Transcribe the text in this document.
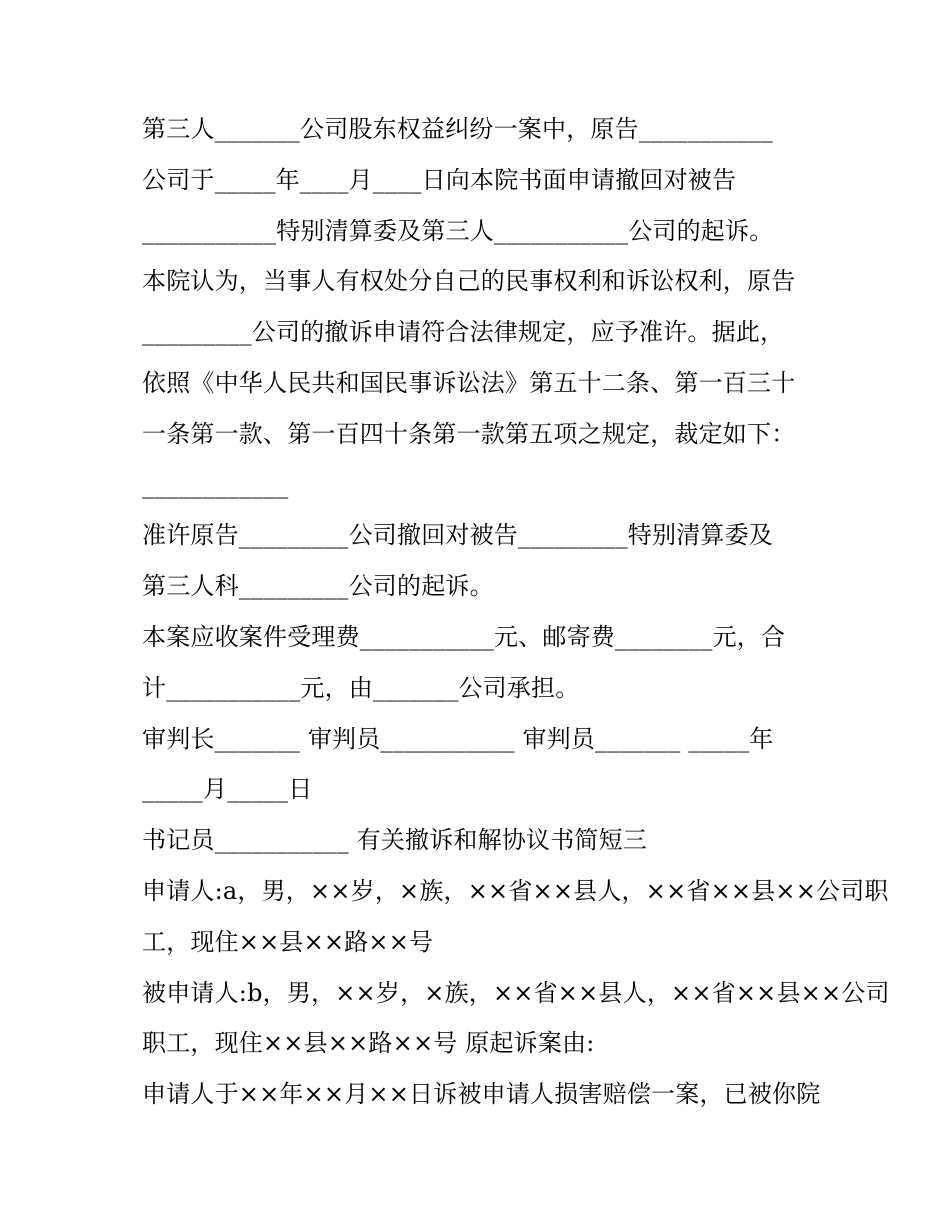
第三人_______公司股东权益纠纷一案中，原告___________
公司于_____年____月____日向本院书面申请撤回对被告
___________特别清算委及第三人___________公司的起诉。
本院认为，当事人有权处分自己的民事权利和诉讼权利，原告
_________公司的撤诉申请符合法律规定，应予准许。据此，
依照《中华人民共和国民事诉讼法》第五十二条、第一百三十
一条第一款、第一百四十条第一款第五项之规定，裁定如下：
____________
准许原告_________公司撤回对被告_________特别清算委及
第三人科_________公司的起诉。
本案应收案件受理费___________元、邮寄费________元，合
计___________元，由_______公司承担。
审判长_______ 审判员___________ 审判员_______ _____年
_____月_____日
书记员___________ 有关撤诉和解协议书简短三
申请人:a，男，××岁，×族，××省××县人，××省××县××公司职
工，现住××县××路××号
被申请人:b，男，××岁，×族，××省××县人，××省××县××公司
职工，现住××县××路××号 原起诉案由:
申请人于××年××月××日诉被申请人损害赔偿一案，已被你院
